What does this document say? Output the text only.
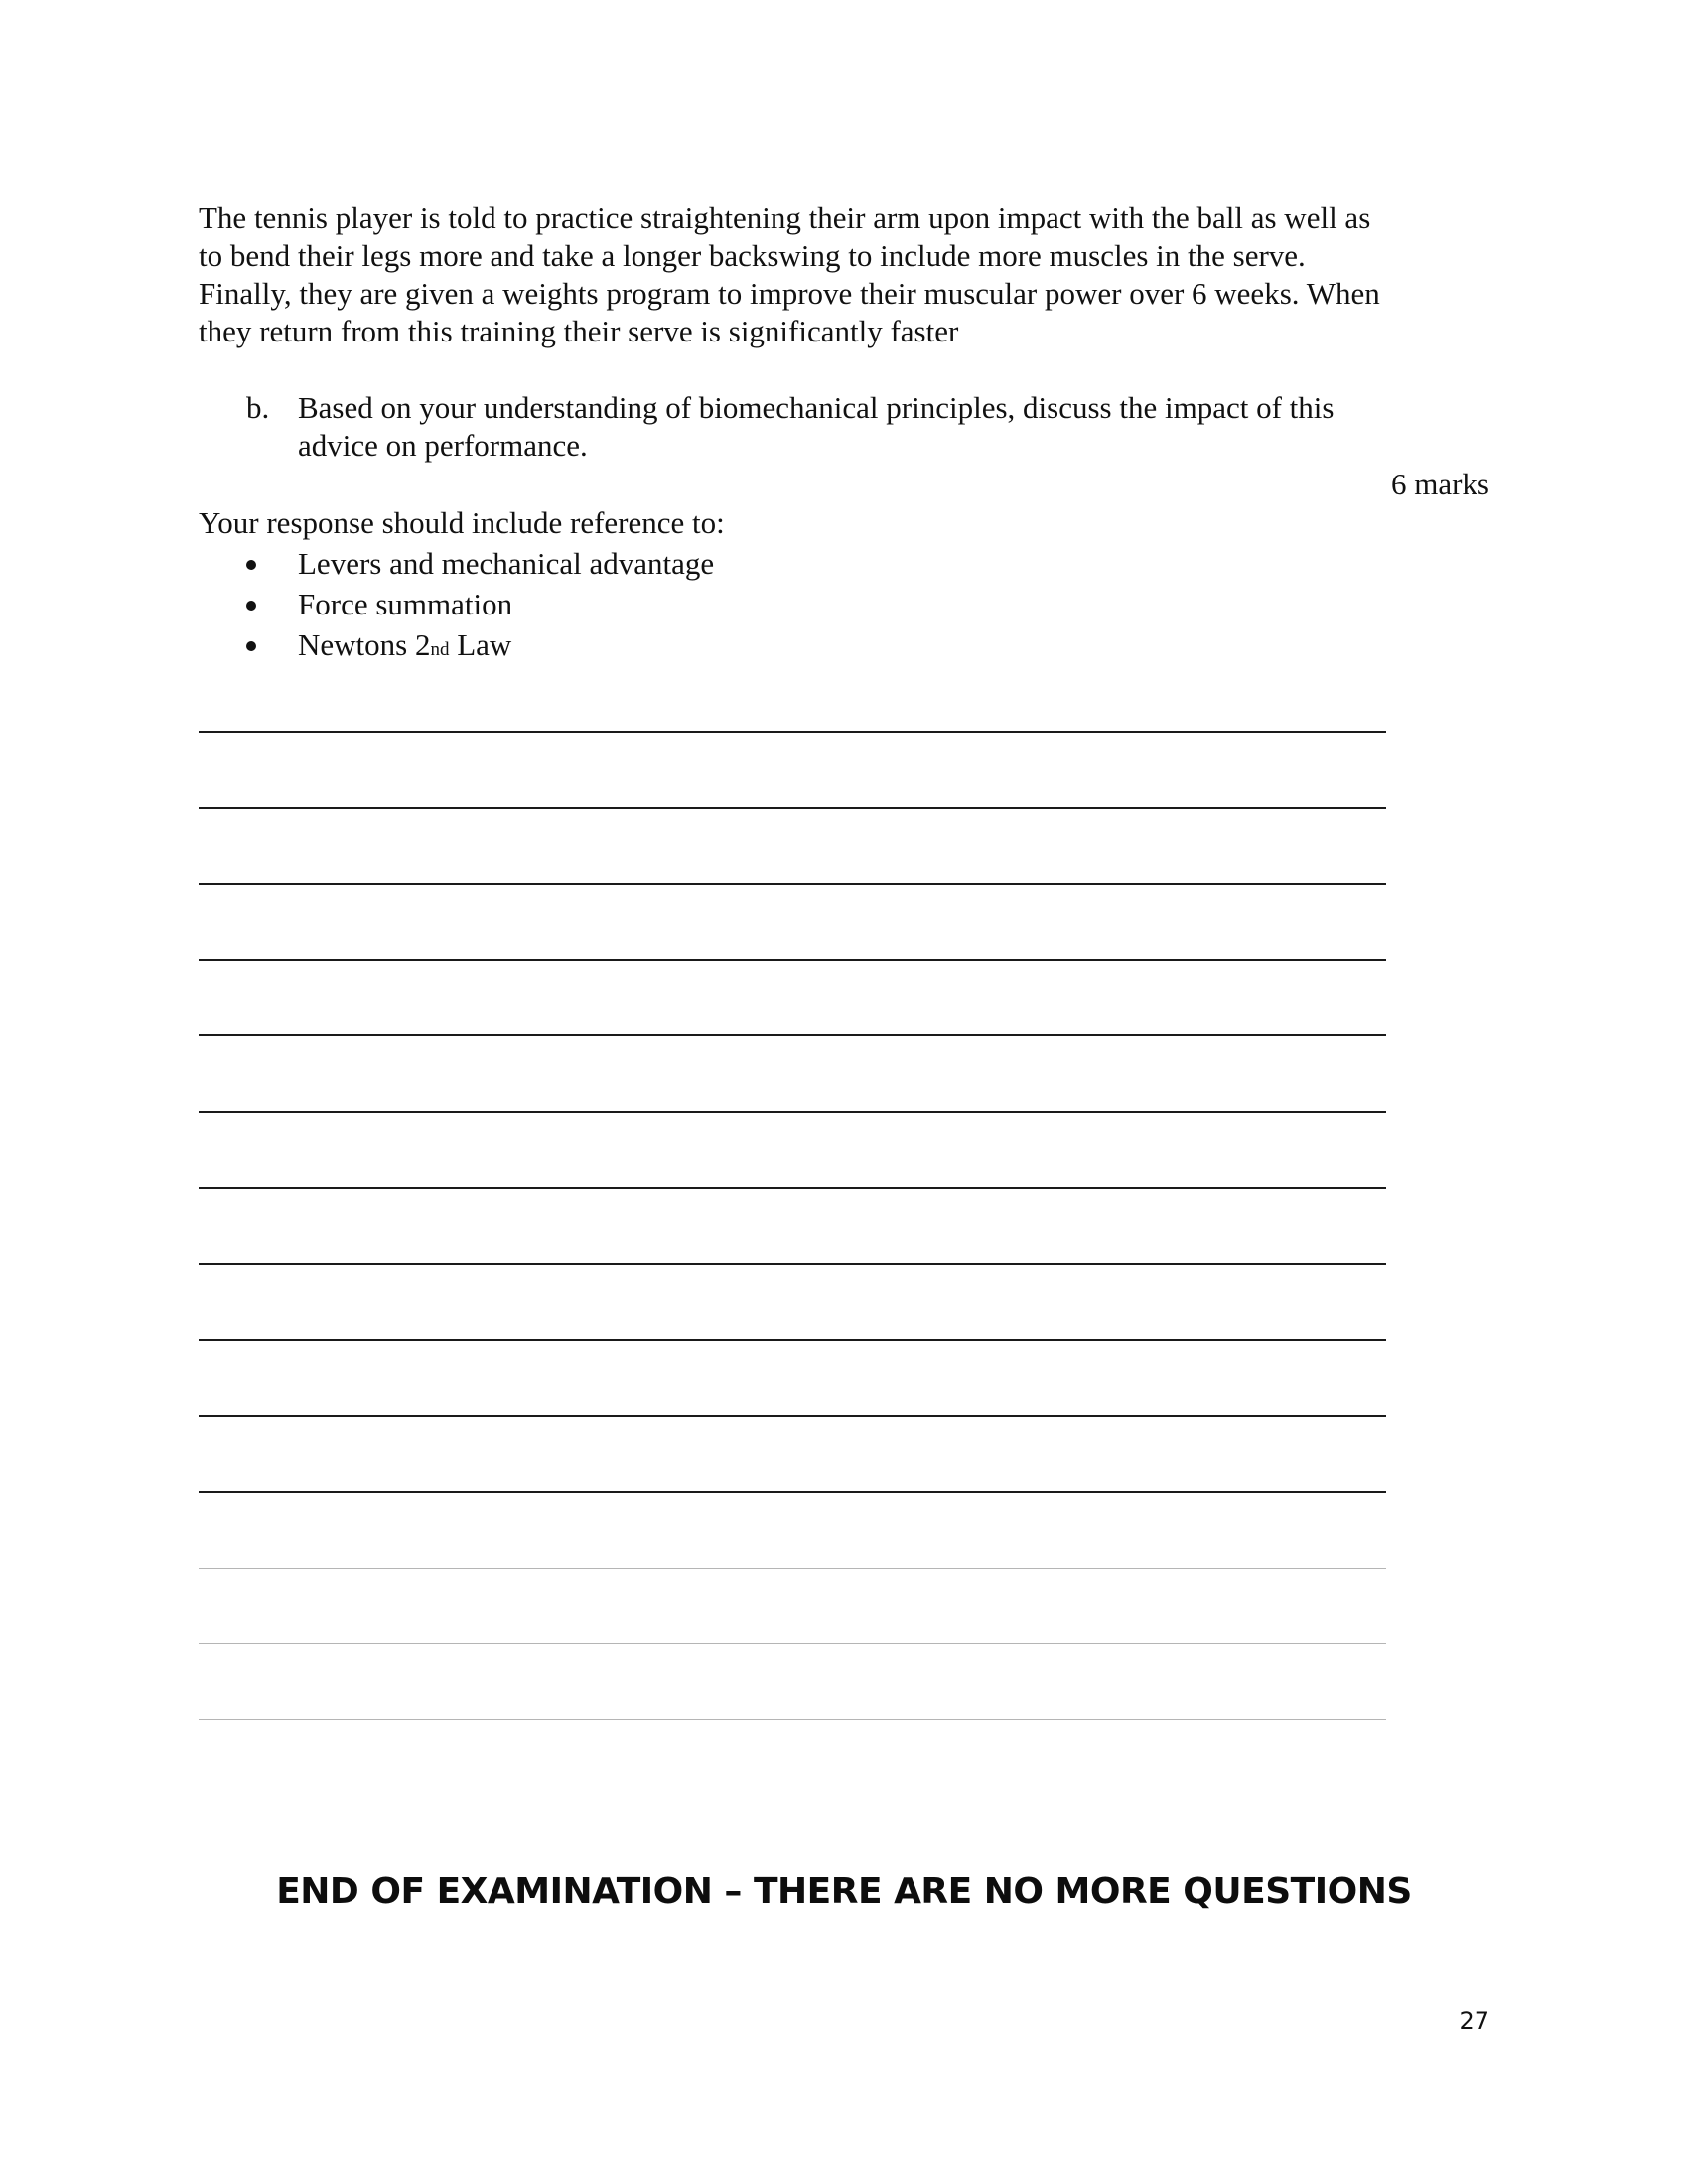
The tennis player is told to practice straightening their arm upon impact with the ball as well as
to bend their legs more and take a longer backswing to include more muscles in the serve.
Finally, they are given a weights program to improve their muscular power over 6 weeks. When
they return from this training their serve is significantly faster
b. Based on your understanding of biomechanical principles, discuss the impact of this
advice on performance.
6 marks
Your response should include reference to:
Levers and mechanical advantage
Force summation
Newtons 2nd Law
END OF EXAMINATION – THERE ARE NO MORE QUESTIONS
27
